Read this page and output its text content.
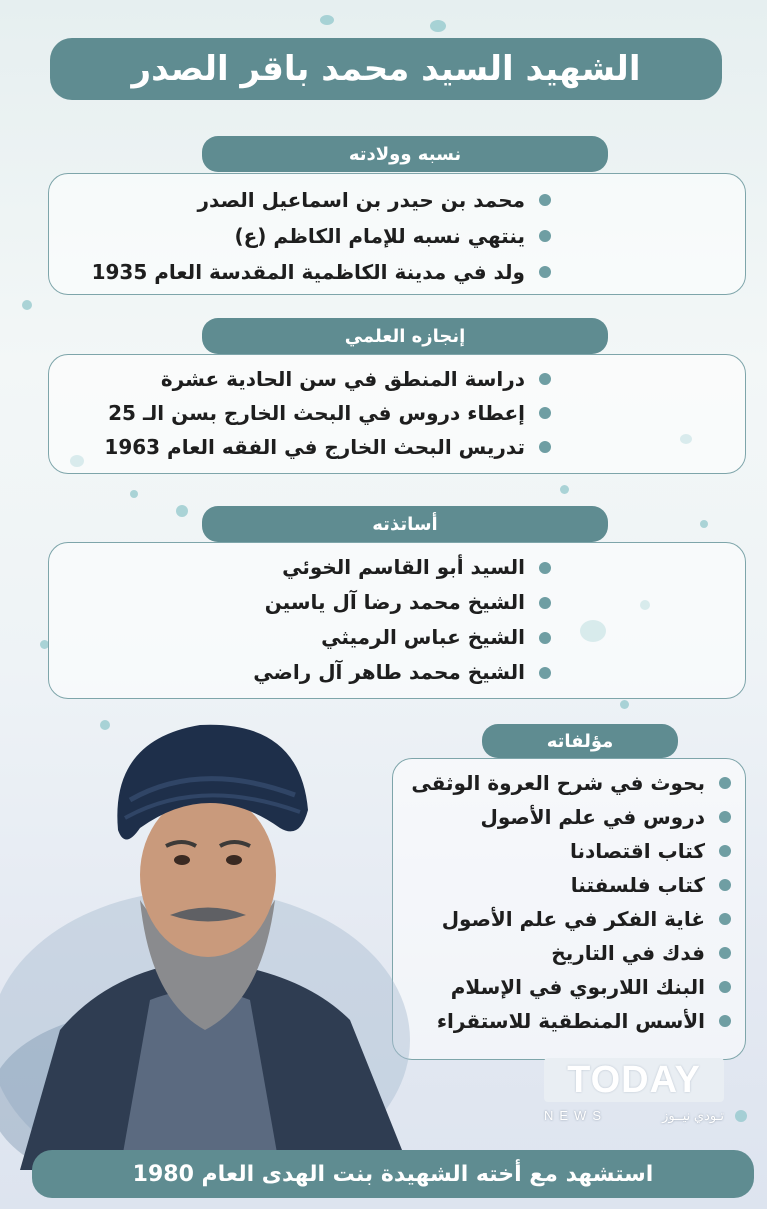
الشهيد السيد محمد باقر الصدر
نسبه وولادته
محمد بن حيدر بن اسماعيل الصدر
ينتهي نسبه للإمام الكاظم (ع)
ولد في مدينة الكاظمية المقدسة العام 1935
إنجازه العلمي
دراسة المنطق في سن الحادية عشرة
إعطاء دروس في البحث الخارج بسن الـ 25
تدريس البحث الخارج في الفقه العام 1963
أساتذته
السيد أبو القاسم الخوئي
الشيخ محمد رضا آل ياسين
الشيخ عباس الرميثي
الشيخ محمد طاهر آل راضي
مؤلفاته
بحوث في شرح العروة الوثقى
دروس في علم الأصول
كتاب اقتصادنا
كتاب فلسفتنا
غاية الفكر في علم الأصول
فدك في التاريخ
البنك اللاربوي في الإسلام
الأسس المنطقية للاستقراء
TODAY
NEWS	تـودي نيــوز
استشهد مع أخته الشهيدة بنت الهدى العام 1980
